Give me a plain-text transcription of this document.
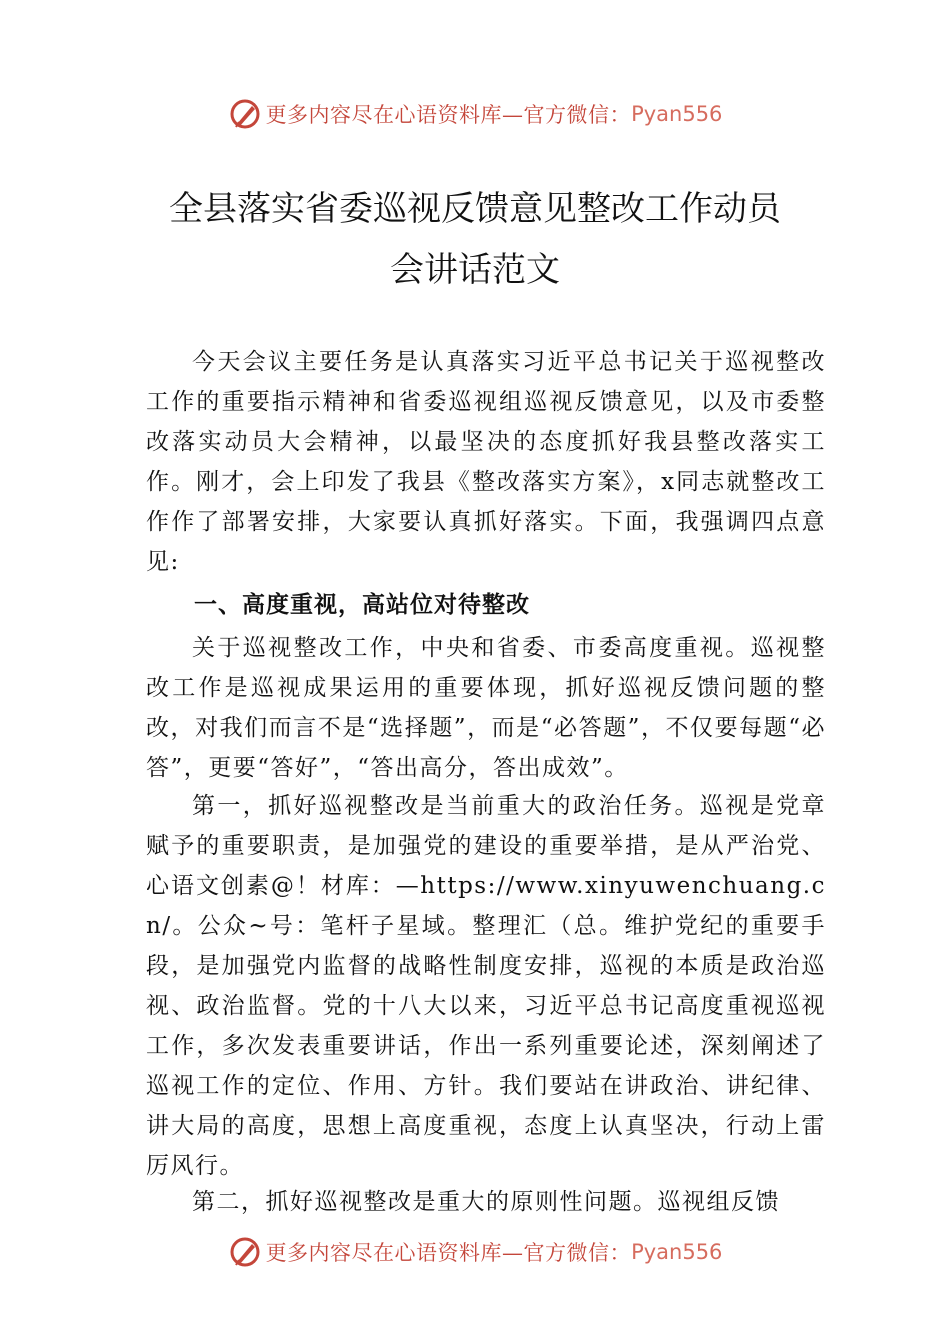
更多内容尽在心语资料库—官方微信： Pyan556
全县落实省委巡视反馈意见整改工作动员
会讲话范文

今天会议主要任务是认真落实习近平总书记关于巡视整改工作的重要指示精神和省委巡视组巡视反馈意见，以及市委整改落实动员大会精神，以最坚决的态度抓好我县整改落实工作。刚才，会上印发了我县《整改落实方案》，x同志就整改工作作了部署安排，大家要认真抓好落实。下面，我强调四点意见:

一、高度重视，高站位对待整改

关于巡视整改工作，中央和省委、市委高度重视。巡视整改工作是巡视成果运用的重要体现，抓好巡视反馈问题的整改，对我们而言不是“选择题”，而是“必答题”，不仅要每题“必答”，更要“答好”，“答出高分，答出成效”。

第一，抓好巡视整改是当前重大的政治任务。巡视是党章赋予的重要职责，是加强党的建设的重要举措，是从严治党、心语文创素@！材库：—https://www.xinyuwenchuang.cn/。公众~号：笔杆子星域。整理汇（总。维护党纪的重要手段，是加强党内监督的战略性制度安排，巡视的本质是政治巡视、政治监督。党的十八大以来，习近平总书记高度重视巡视工作，多次发表重要讲话，作出一系列重要论述，深刻阐述了巡视工作的定位、作用、方针。我们要站在讲政治、讲纪律、讲大局的高度，思想上高度重视，态度上认真坚决，行动上雷厉风行。

第二，抓好巡视整改是重大的原则性问题。巡视组反馈

更多内容尽在心语资料库—官方微信： Pyan556
